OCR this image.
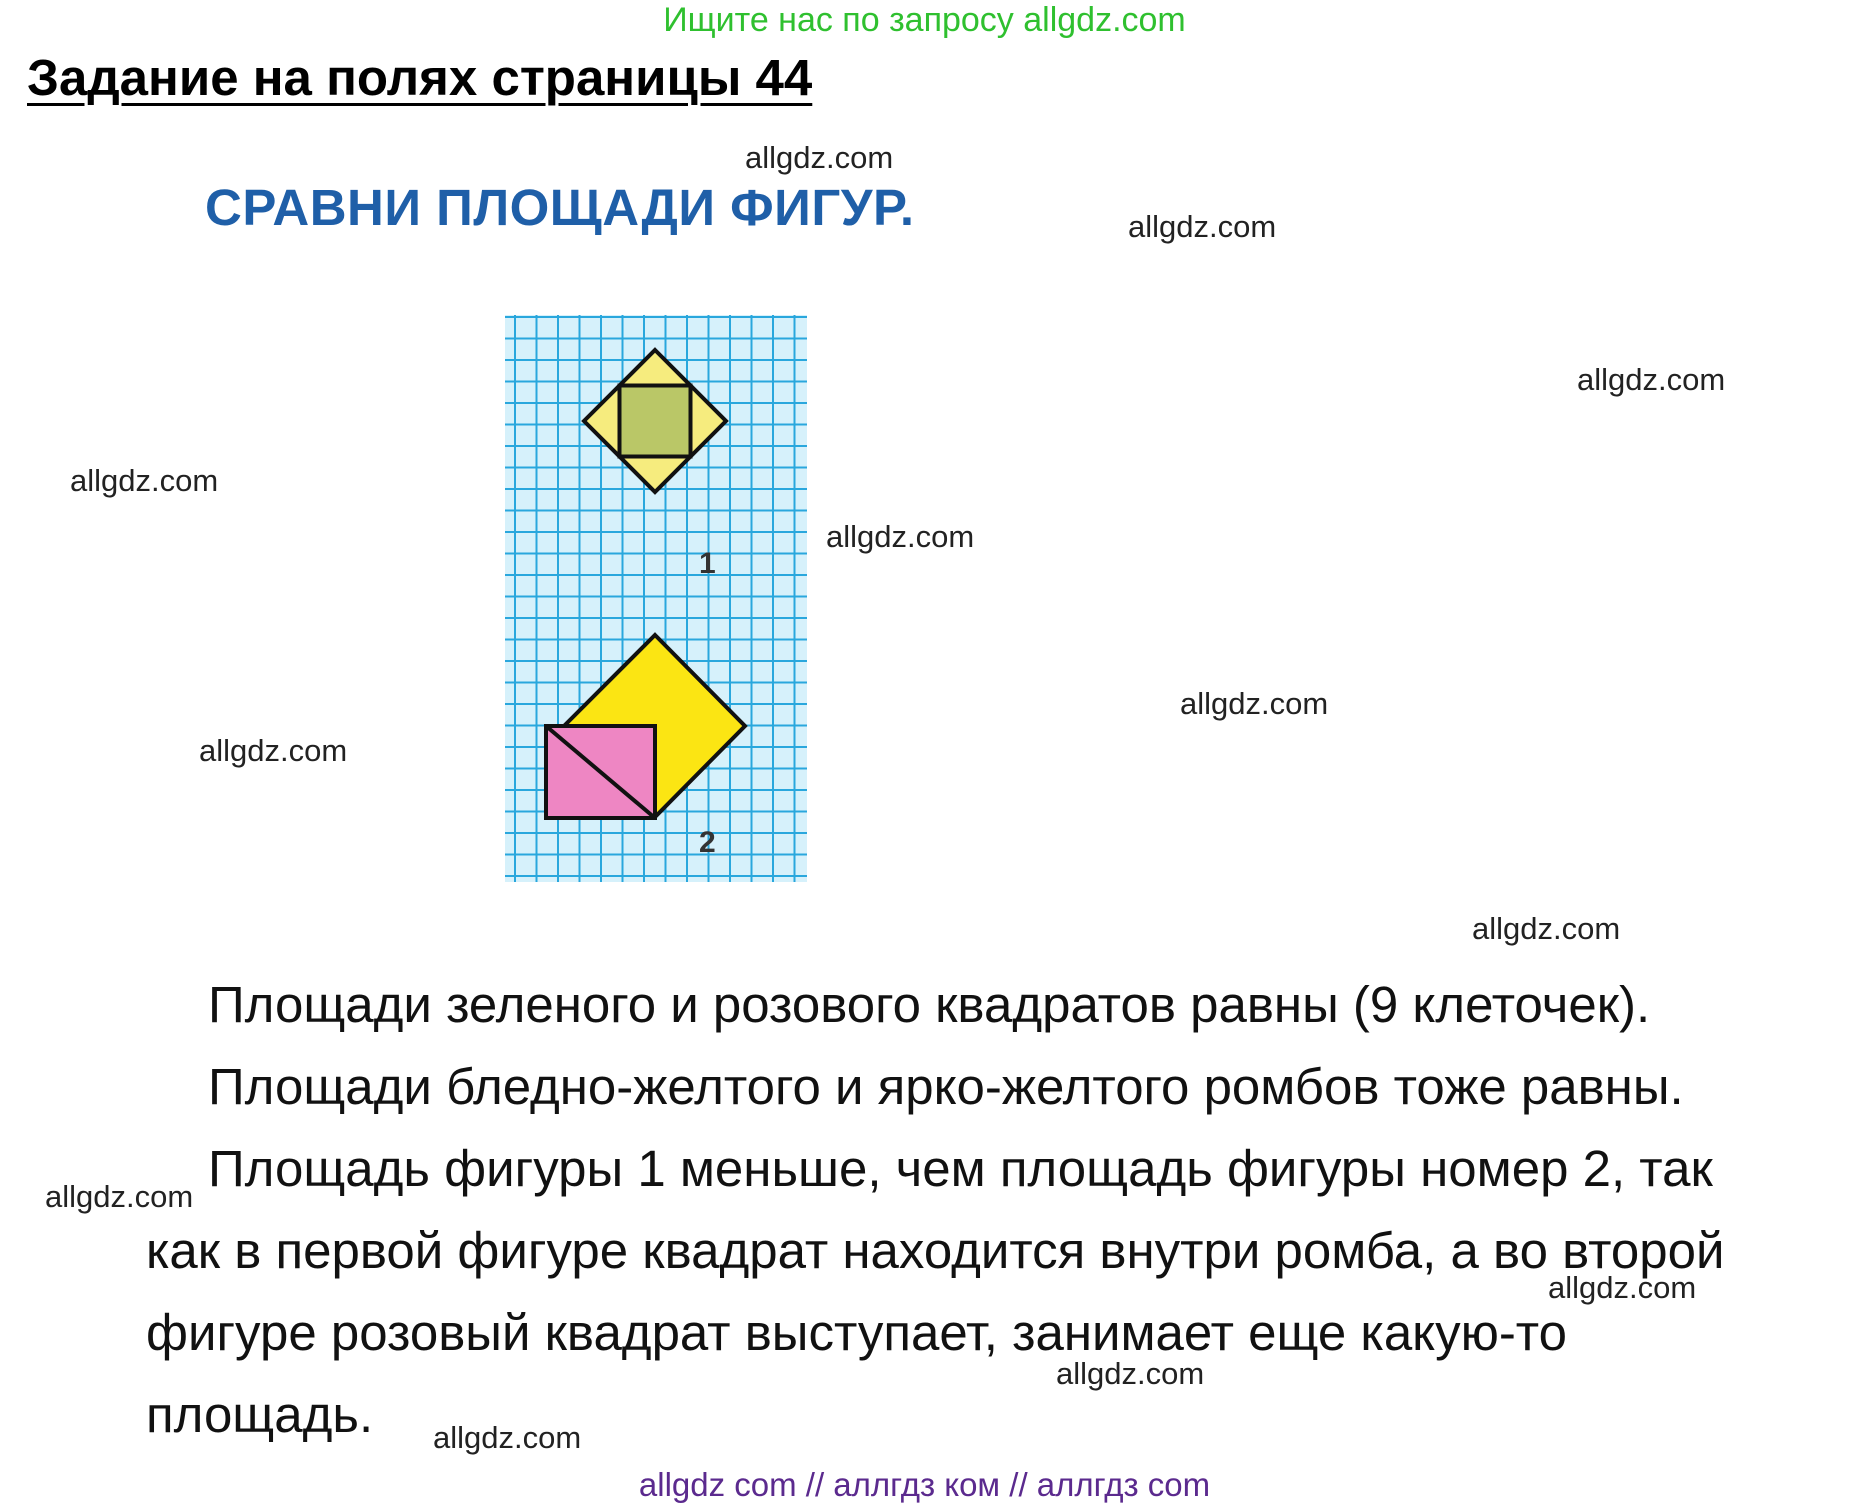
Ищите нас по запросу allgdz.com
Задание на полях страницы 44
СРАВНИ ПЛОЩАДИ ФИГУР.
allgdz.com
allgdz.com
allgdz.com
allgdz.com
allgdz.com
allgdz.com
allgdz.com
allgdz.com
allgdz.com
allgdz.com
allgdz.com
allgdz.com
1
2
Площади зеленого и розового квадратов равны (9 клеточек).
Площади бледно-желтого и ярко-желтого ромбов тоже равны.
Площадь фигуры 1 меньше, чем площадь фигуры номер 2, так
как в первой фигуре квадрат находится внутри ромба, а во второй
фигуре розовый квадрат выступает, занимает еще какую-то
площадь.
allgdz com // аллгдз ком // аллгдз com
